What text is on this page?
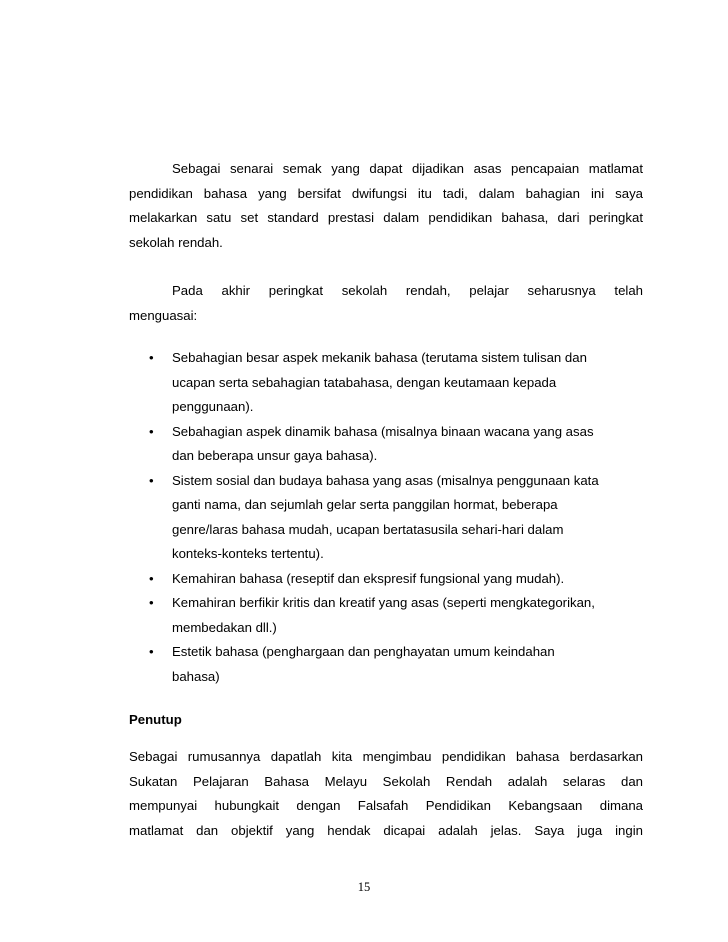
Sebagai senarai semak yang dapat dijadikan asas pencapaian matlamat
pendidikan bahasa yang bersifat dwifungsi itu tadi, dalam bahagian ini saya
melakarkan satu set standard prestasi dalam pendidikan bahasa, dari peringkat
sekolah rendah.

Pada akhir peringkat sekolah rendah, pelajar seharusnya telah
menguasai:

• Sebahagian besar aspek mekanik bahasa (terutama sistem tulisan dan
ucapan serta sebahagian tatabahasa, dengan keutamaan kepada
penggunaan).
• Sebahagian aspek dinamik bahasa (misalnya binaan wacana yang asas
dan beberapa unsur gaya bahasa).
• Sistem sosial dan budaya bahasa yang asas (misalnya penggunaan kata
ganti nama, dan sejumlah gelar serta panggilan hormat, beberapa
genre/laras bahasa mudah, ucapan bertatasusila sehari-hari dalam
konteks-konteks tertentu).
• Kemahiran bahasa (reseptif dan ekspresif fungsional yang mudah).
• Kemahiran berfikir kritis dan kreatif yang asas (seperti mengkategorikan,
membedakan dll.)
• Estetik bahasa (penghargaan dan penghayatan umum keindahan
bahasa)

Penutup

Sebagai rumusannya dapatlah kita mengimbau pendidikan bahasa berdasarkan
Sukatan Pelajaran Bahasa Melayu Sekolah Rendah adalah selaras dan
mempunyai hubungkait dengan Falsafah Pendidikan Kebangsaan dimana
matlamat dan objektif yang hendak dicapai adalah jelas. Saya juga ingin

15
